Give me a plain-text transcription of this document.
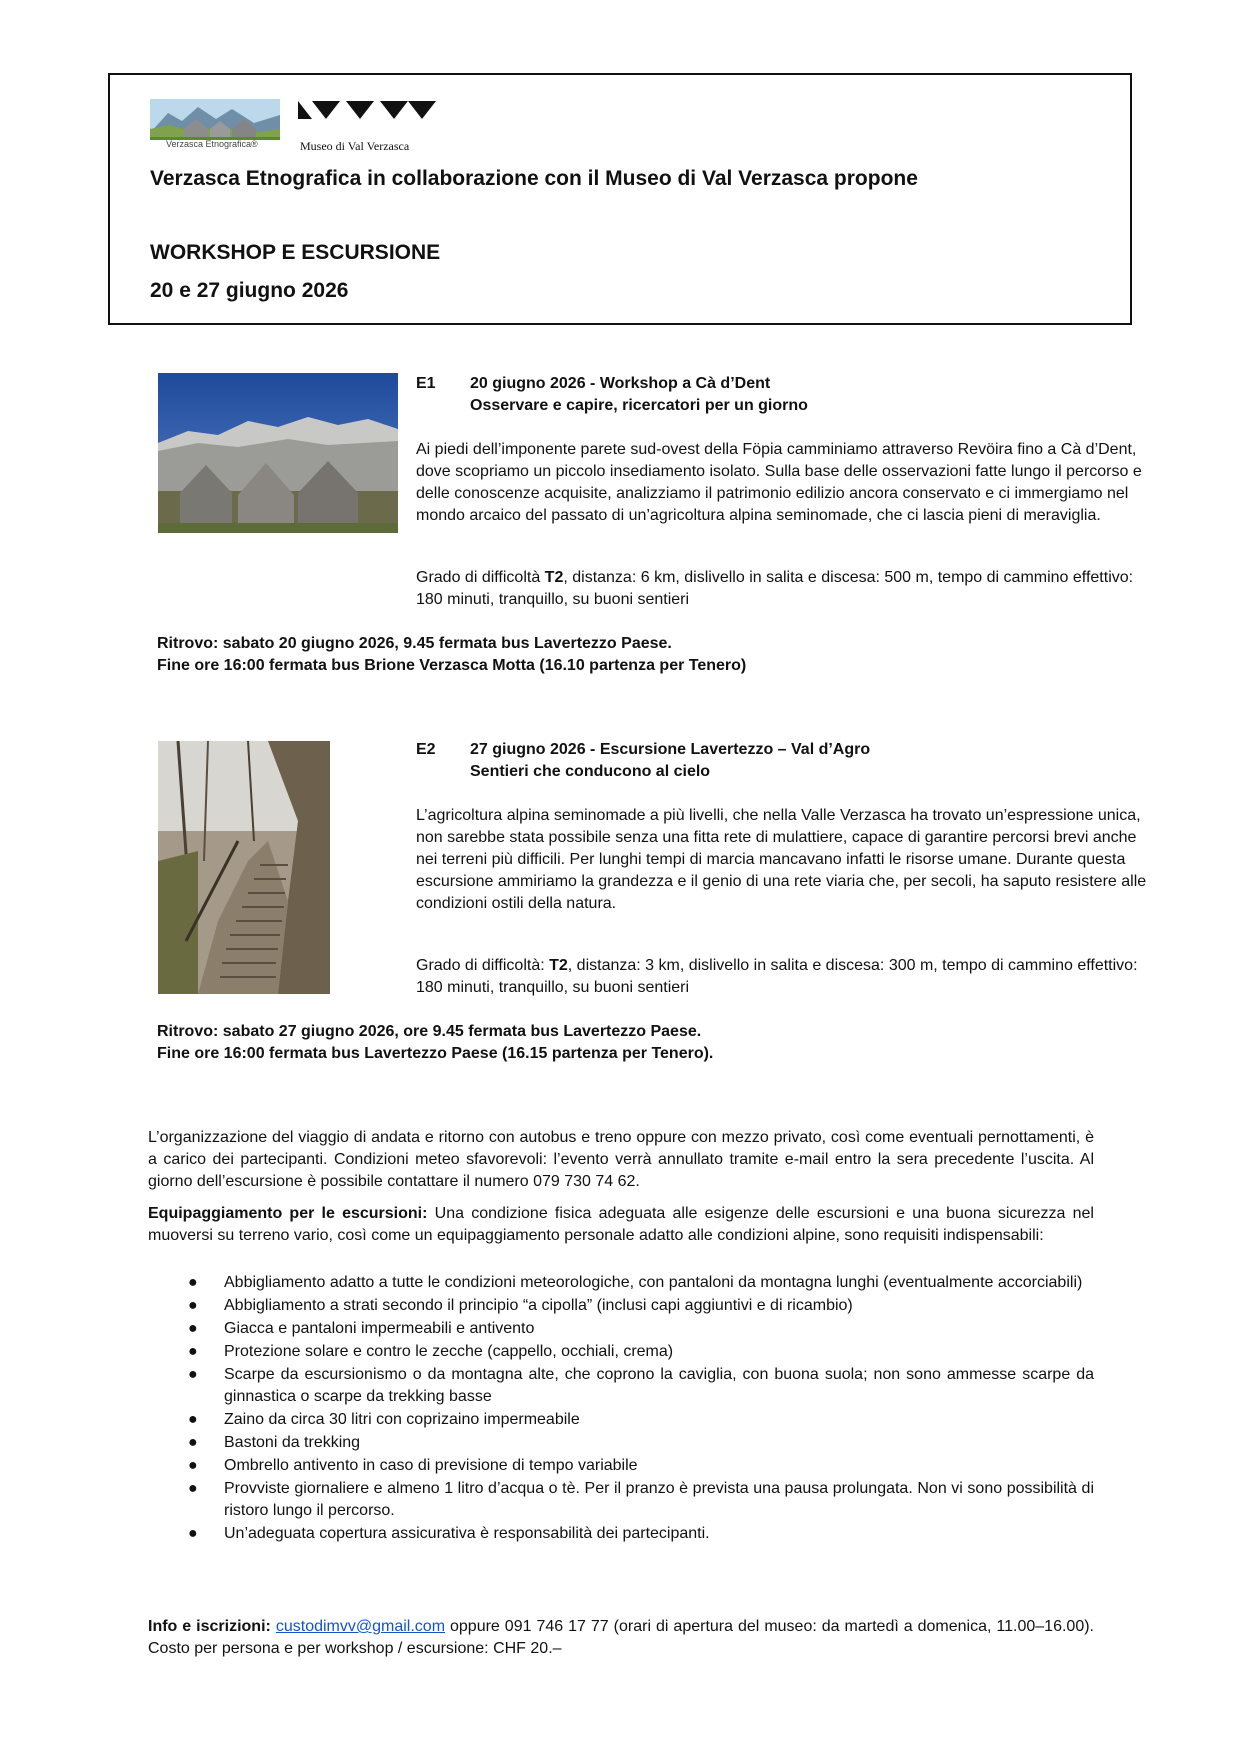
Verzasca Etnografica®	Museo di Val Verzasca
Verzasca Etnografica in collaborazione con il Museo di Val Verzasca propone
WORKSHOP E ESCURSIONE
20 e 27 giugno 2026
E1 20 giugno 2026 - Workshop a Cà d’Dent
Osservare e capire, ricercatori per un giorno

Ai piedi dell’imponente parete sud-ovest della Föpia camminiamo attraverso Revöira fino a Cà d’Dent, dove scopriamo un piccolo insediamento isolato. Sulla base delle osservazioni fatte lungo il percorso e delle conoscenze acquisite, analizziamo il patrimonio edilizio ancora conservato e ci immergiamo nel mondo arcaico del passato di un’agricoltura alpina seminomade, che ci lascia pieni di meraviglia.

Grado di difficoltà T2, distanza: 6 km, dislivello in salita e discesa: 500 m, tempo di cammino effettivo: 180 minuti, tranquillo, su buoni sentieri

Ritrovo: sabato 20 giugno 2026, 9.45 fermata bus Lavertezzo Paese.
Fine ore 16:00 fermata bus Brione Verzasca Motta (16.10 partenza per Tenero)

E2 27 giugno 2026 - Escursione Lavertezzo – Val d’Agro
Sentieri che conducono al cielo

L’agricoltura alpina seminomade a più livelli, che nella Valle Verzasca ha trovato un’espressione unica, non sarebbe stata possibile senza una fitta rete di mulattiere, capace di garantire percorsi brevi anche nei terreni più difficili. Per lunghi tempi di marcia mancavano infatti le risorse umane. Durante questa escursione ammiriamo la grandezza e il genio di una rete viaria che, per secoli, ha saputo resistere alle condizioni ostili della natura.

Grado di difficoltà: T2, distanza: 3 km, dislivello in salita e discesa: 300 m, tempo di cammino effettivo: 180 minuti, tranquillo, su buoni sentieri

Ritrovo: sabato 27 giugno 2026, ore 9.45 fermata bus Lavertezzo Paese.
Fine ore 16:00 fermata bus Lavertezzo Paese (16.15 partenza per Tenero).

L’organizzazione del viaggio di andata e ritorno con autobus e treno oppure con mezzo privato, così come eventuali pernottamenti, è a carico dei partecipanti. Condizioni meteo sfavorevoli: l’evento verrà annullato tramite e-mail entro la sera precedente l’uscita. Al giorno dell’escursione è possibile contattare il numero 079 730 74 62.

Equipaggiamento per le escursioni: Una condizione fisica adeguata alle esigenze delle escursioni e una buona sicurezza nel muoversi su terreno vario, così come un equipaggiamento personale adatto alle condizioni alpine, sono requisiti indispensabili:

● Abbigliamento adatto a tutte le condizioni meteorologiche, con pantaloni da montagna lunghi (eventualmente accorciabili)
● Abbigliamento a strati secondo il principio “a cipolla” (inclusi capi aggiuntivi e di ricambio)
● Giacca e pantaloni impermeabili e antivento
● Protezione solare e contro le zecche (cappello, occhiali, crema)
● Scarpe da escursionismo o da montagna alte, che coprono la caviglia, con buona suola; non sono ammesse scarpe da ginnastica o scarpe da trekking basse
● Zaino da circa 30 litri con coprizaino impermeabile
● Bastoni da trekking
● Ombrello antivento in caso di previsione di tempo variabile
● Provviste giornaliere e almeno 1 litro d’acqua o tè. Per il pranzo è prevista una pausa prolungata. Non vi sono possibilità di ristoro lungo il percorso.
● Un’adeguata copertura assicurativa è responsabilità dei partecipanti.

Info e iscrizioni: custodimvv@gmail.com oppure 091 746 17 77 (orari di apertura del museo: da martedì a domenica, 11.00–16.00). Costo per persona e per workshop / escursione: CHF 20.–
